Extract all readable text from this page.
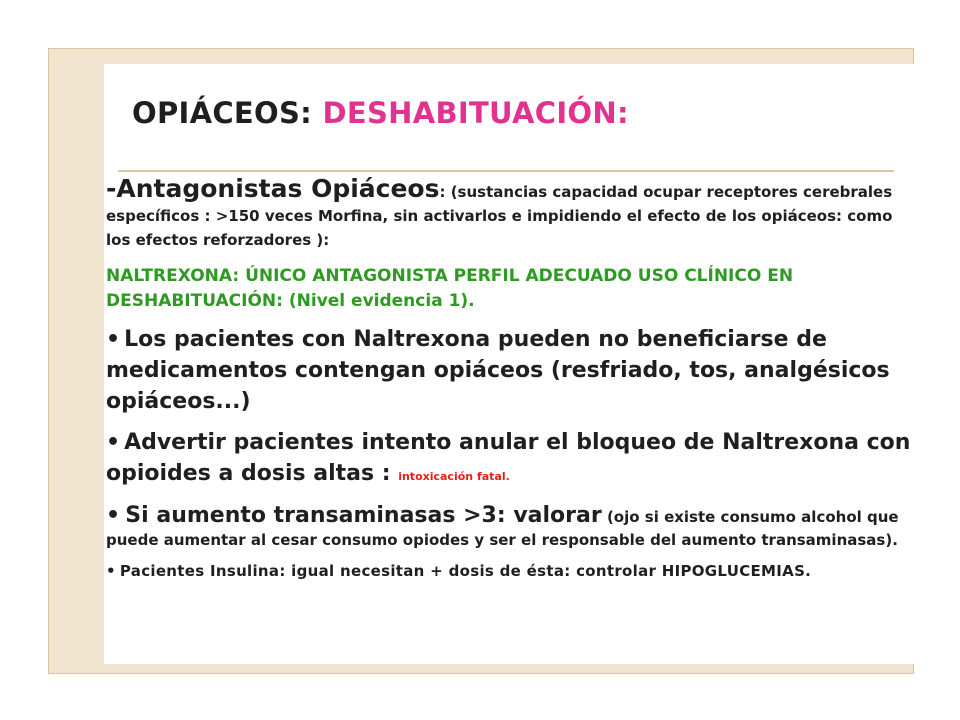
OPIÁCEOS: DESHABITUACIÓN:

-Antagonistas Opiáceos: (sustancias capacidad ocupar receptores cerebrales específicos : >150 veces Morfina, sin activarlos e impidiendo el efecto de los opiáceos: como los efectos reforzadores ):

NALTREXONA: ÚNICO ANTAGONISTA PERFIL ADECUADO USO CLÍNICO EN DESHABITUACIÓN: (Nivel evidencia 1).

• Los pacientes con Naltrexona pueden no beneficiarse de medicamentos contengan opiáceos (resfriado, tos, analgésicos opiáceos...)

• Advertir pacientes intento anular el bloqueo de Naltrexona con opioides a dosis altas : intoxicación fatal.

• Si aumento transaminasas >3: valorar (ojo si existe consumo alcohol que puede aumentar al cesar consumo opiodes y ser el responsable del aumento transaminasas).

• Pacientes Insulina: igual necesitan + dosis de ésta: controlar HIPOGLUCEMIAS.
